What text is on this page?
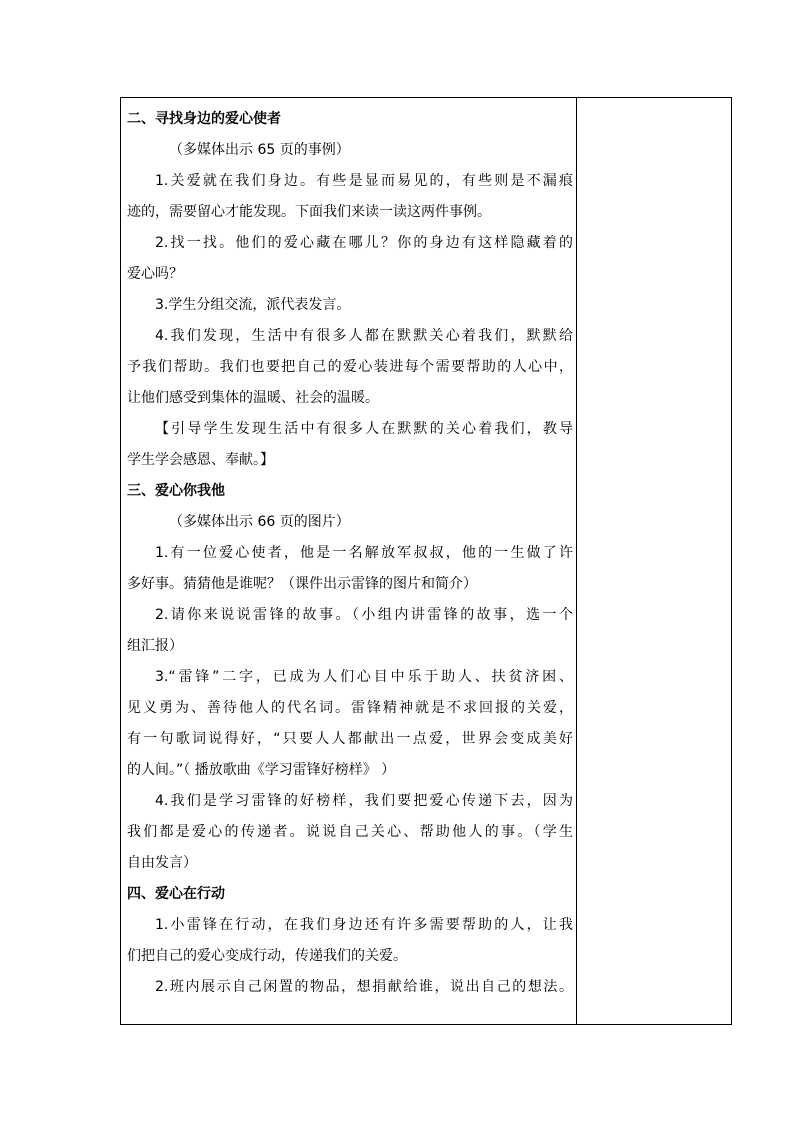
二、寻找身边的爱心使者
（多媒体出示 65 页的事例）
1.关爱就在我们身边。有些是显而易见的，有些则是不漏痕
迹的，需要留心才能发现。下面我们来读一读这两件事例。
2.找一找。他们的爱心藏在哪儿？你的身边有这样隐藏着的
爱心吗？
3.学生分组交流，派代表发言。
4.我们发现，生活中有很多人都在默默关心着我们，默默给
予我们帮助。我们也要把自己的爱心装进每个需要帮助的人心中，
让他们感受到集体的温暖、社会的温暖。
【引导学生发现生活中有很多人在默默的关心着我们，教导
学生学会感恩、奉献。】
三、爱心你我他
（多媒体出示 66 页的图片）
1.有一位爱心使者，他是一名解放军叔叔，他的一生做了许
多好事。猜猜他是谁呢？（课件出示雷锋的图片和简介）
2.请你来说说雷锋的故事。（小组内讲雷锋的故事，选一个
组汇报）
3.“雷锋”二字，已成为人们心目中乐于助人、扶贫济困、
见义勇为、善待他人的代名词。雷锋精神就是不求回报的关爱，
有一句歌词说得好，“只要人人都献出一点爱，世界会变成美好
的人间。”（ 播放歌曲《学习雷锋好榜样》 ）
4.我们是学习雷锋的好榜样，我们要把爱心传递下去，因为
我们都是爱心的传递者。说说自己关心、帮助他人的事。（学生
自由发言）
四、爱心在行动
1.小雷锋在行动，在我们身边还有许多需要帮助的人，让我
们把自己的爱心变成行动，传递我们的关爱。
2.班内展示自己闲置的物品，想捐献给谁，说出自己的想法。
